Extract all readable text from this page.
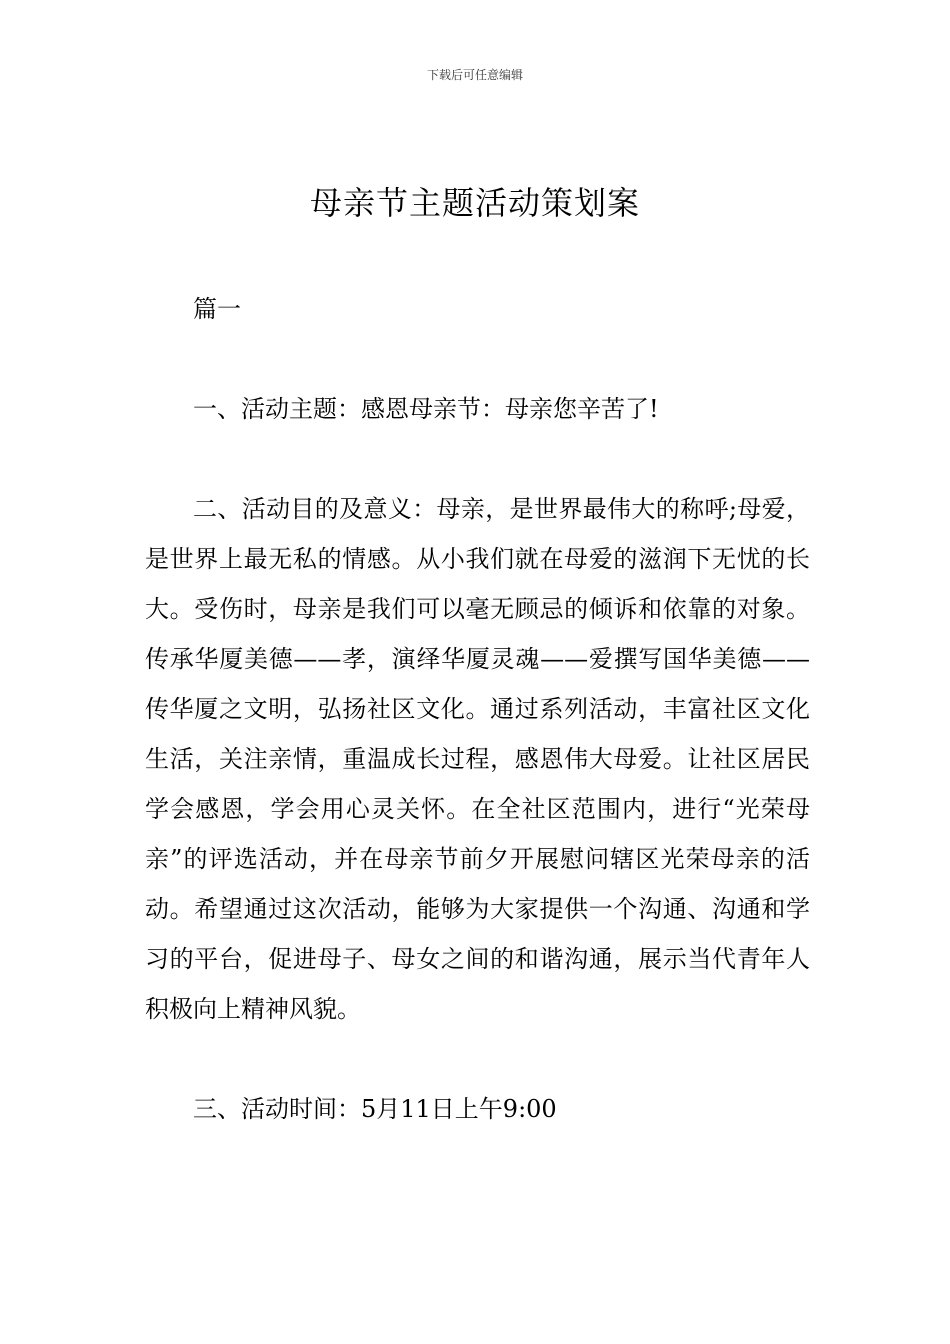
下载后可任意编辑
母亲节主题活动策划案

篇一

一、活动主题：感恩母亲节：母亲您辛苦了!

二、活动目的及意义：母亲，是世界最伟大的称呼;母爱，是世界上最无私的情感。从小我们就在母爱的滋润下无忧的长大。受伤时，母亲是我们可以毫无顾忌的倾诉和依靠的对象。传承华厦美德——孝，演绎华厦灵魂——爱撰写国华美德——传华厦之文明，弘扬社区文化。通过系列活动，丰富社区文化生活，关注亲情，重温成长过程，感恩伟大母爱。让社区居民学会感恩，学会用心灵关怀。在全社区范围内，进行“光荣母亲”的评选活动，并在母亲节前夕开展慰问辖区光荣母亲的活动。希望通过这次活动，能够为大家提供一个沟通、沟通和学习的平台，促进母子、母女之间的和谐沟通，展示当代青年人积极向上精神风貌。

三、活动时间：5月11日上午9:00
